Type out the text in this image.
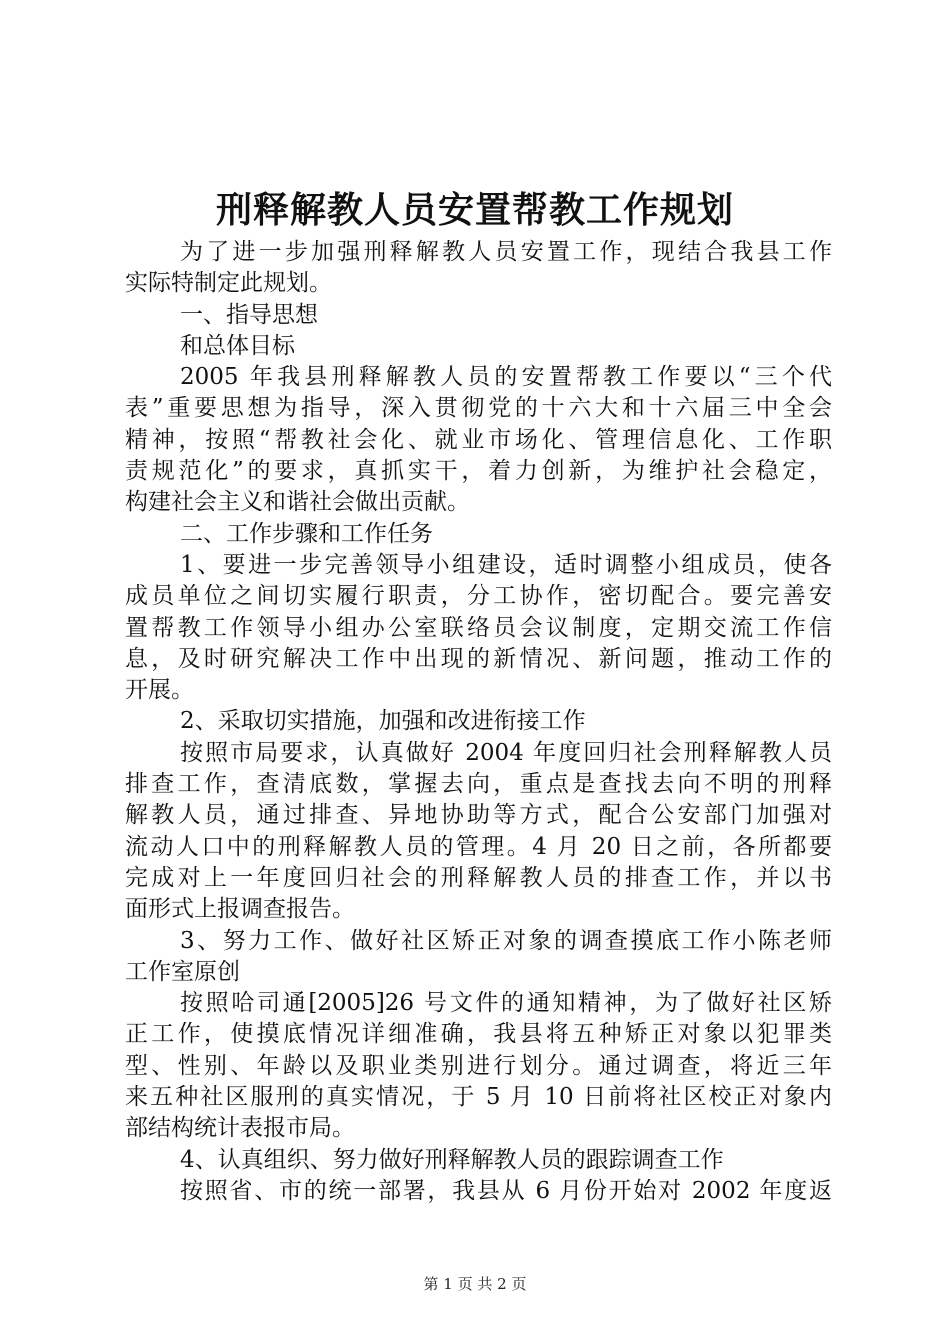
刑释解教人员安置帮教工作规划
为了进一步加强刑释解教人员安置工作，现结合我县工作
实际特制定此规划。
一、指导思想
和总体目标
2005 年我县刑释解教人员的安置帮教工作要以“三个代
表”重要思想为指导，深入贯彻党的十六大和十六届三中全会
精神，按照“帮教社会化、就业市场化、管理信息化、工作职
责规范化”的要求，真抓实干，着力创新，为维护社会稳定，
构建社会主义和谐社会做出贡献。
二、工作步骤和工作任务
1、要进一步完善领导小组建设，适时调整小组成员，使各
成员单位之间切实履行职责，分工协作，密切配合。要完善安
置帮教工作领导小组办公室联络员会议制度，定期交流工作信
息，及时研究解决工作中出现的新情况、新问题，推动工作的
开展。
2、采取切实措施，加强和改进衔接工作
按照市局要求，认真做好 2004 年度回归社会刑释解教人员
排查工作，查清底数，掌握去向，重点是查找去向不明的刑释
解教人员，通过排查、异地协助等方式，配合公安部门加强对
流动人口中的刑释解教人员的管理。4 月 20 日之前，各所都要
完成对上一年度回归社会的刑释解教人员的排查工作，并以书
面形式上报调查报告。
3、努力工作、做好社区矫正对象的调查摸底工作小陈老师
工作室原创
按照哈司通[2005]26 号文件的通知精神，为了做好社区矫
正工作，使摸底情况详细准确，我县将五种矫正对象以犯罪类
型、性别、年龄以及职业类别进行划分。通过调查，将近三年
来五种社区服刑的真实情况，于 5 月 10 日前将社区校正对象内
部结构统计表报市局。
4、认真组织、努力做好刑释解教人员的跟踪调查工作
按照省、市的统一部署，我县从 6 月份开始对 2002 年度返
第 1 页 共 2 页
